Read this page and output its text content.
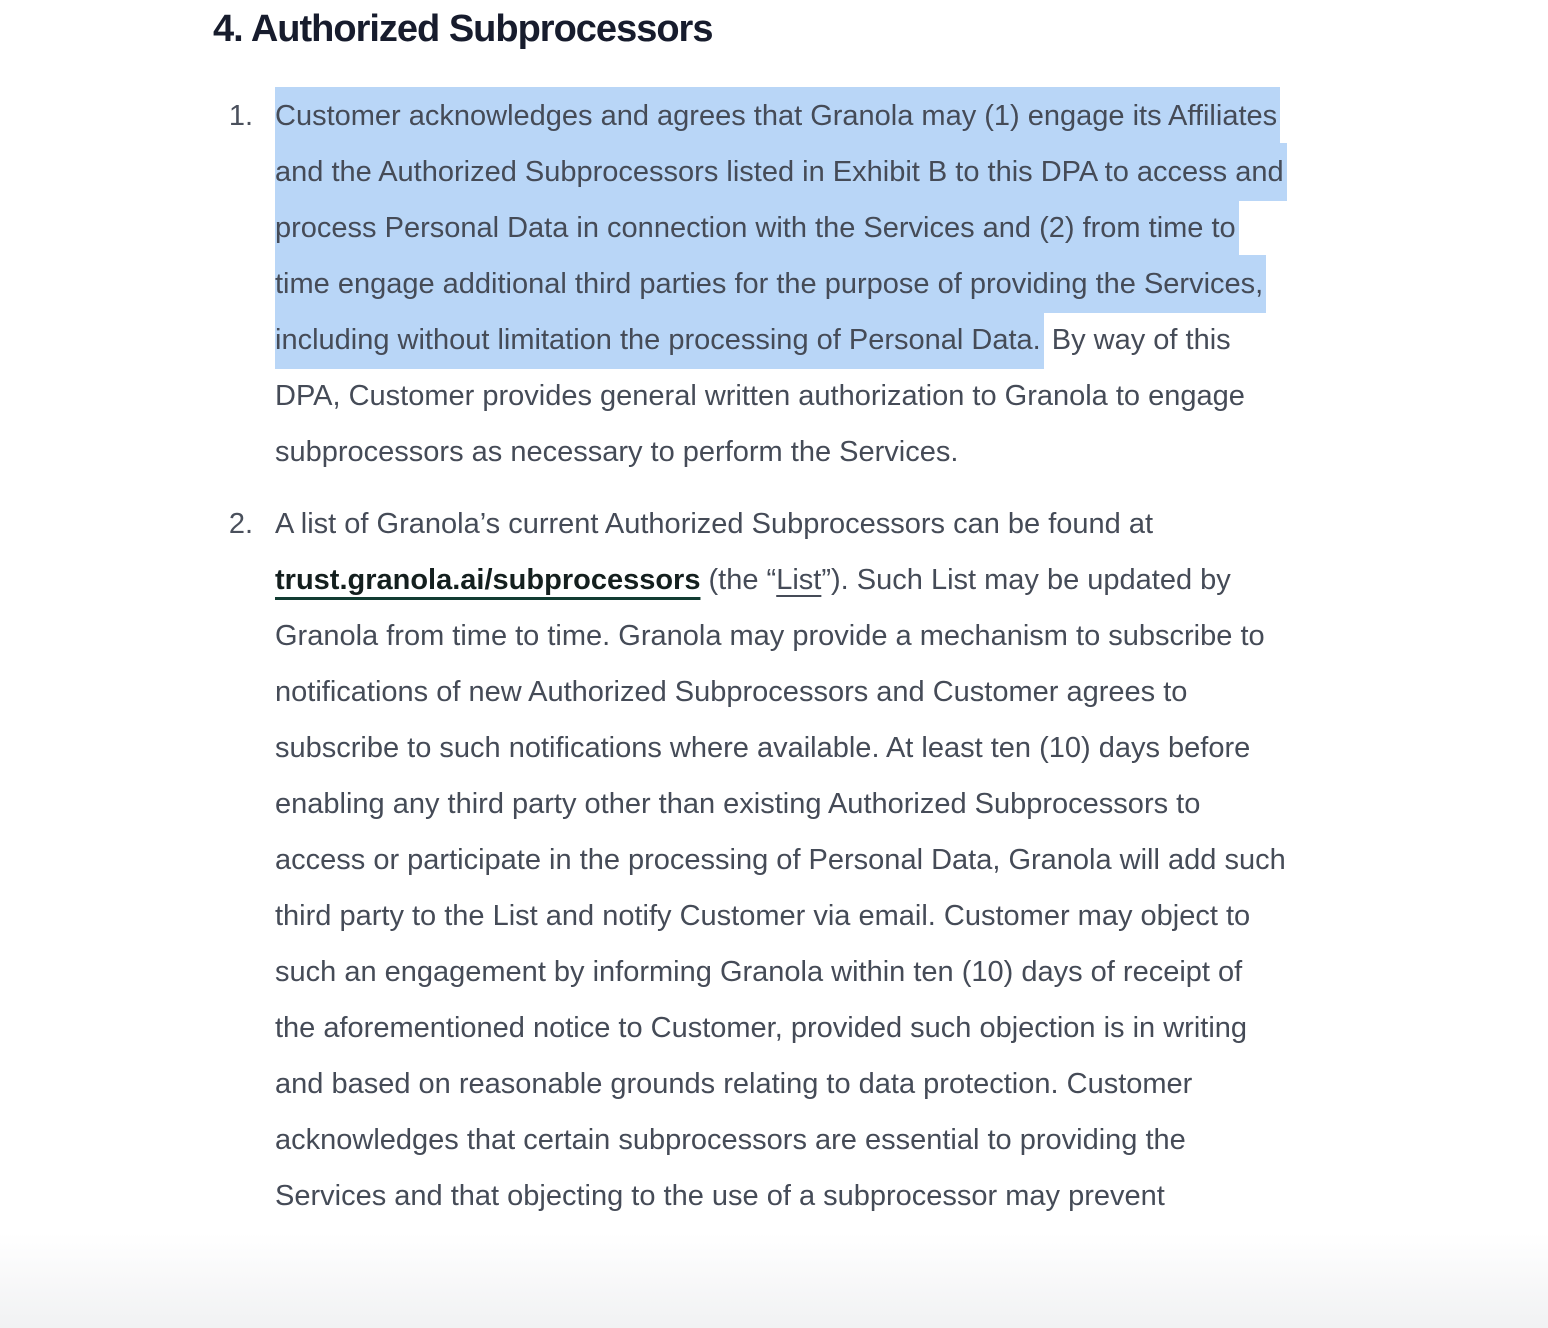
4. Authorized Subprocessors
1. Customer acknowledges and agrees that Granola may (1) engage its Affiliates and the Authorized Subprocessors listed in Exhibit B to this DPA to access and process Personal Data in connection with the Services and (2) from time to time engage additional third parties for the purpose of providing the Services, including without limitation the processing of Personal Data. By way of this DPA, Customer provides general written authorization to Granola to engage subprocessors as necessary to perform the Services.
2. A list of Granola’s current Authorized Subprocessors can be found at trust.granola.ai/subprocessors (the “List”). Such List may be updated by Granola from time to time. Granola may provide a mechanism to subscribe to notifications of new Authorized Subprocessors and Customer agrees to subscribe to such notifications where available. At least ten (10) days before enabling any third party other than existing Authorized Subprocessors to access or participate in the processing of Personal Data, Granola will add such third party to the List and notify Customer via email. Customer may object to such an engagement by informing Granola within ten (10) days of receipt of the aforementioned notice to Customer, provided such objection is in writing and based on reasonable grounds relating to data protection. Customer acknowledges that certain subprocessors are essential to providing the Services and that objecting to the use of a subprocessor may prevent
